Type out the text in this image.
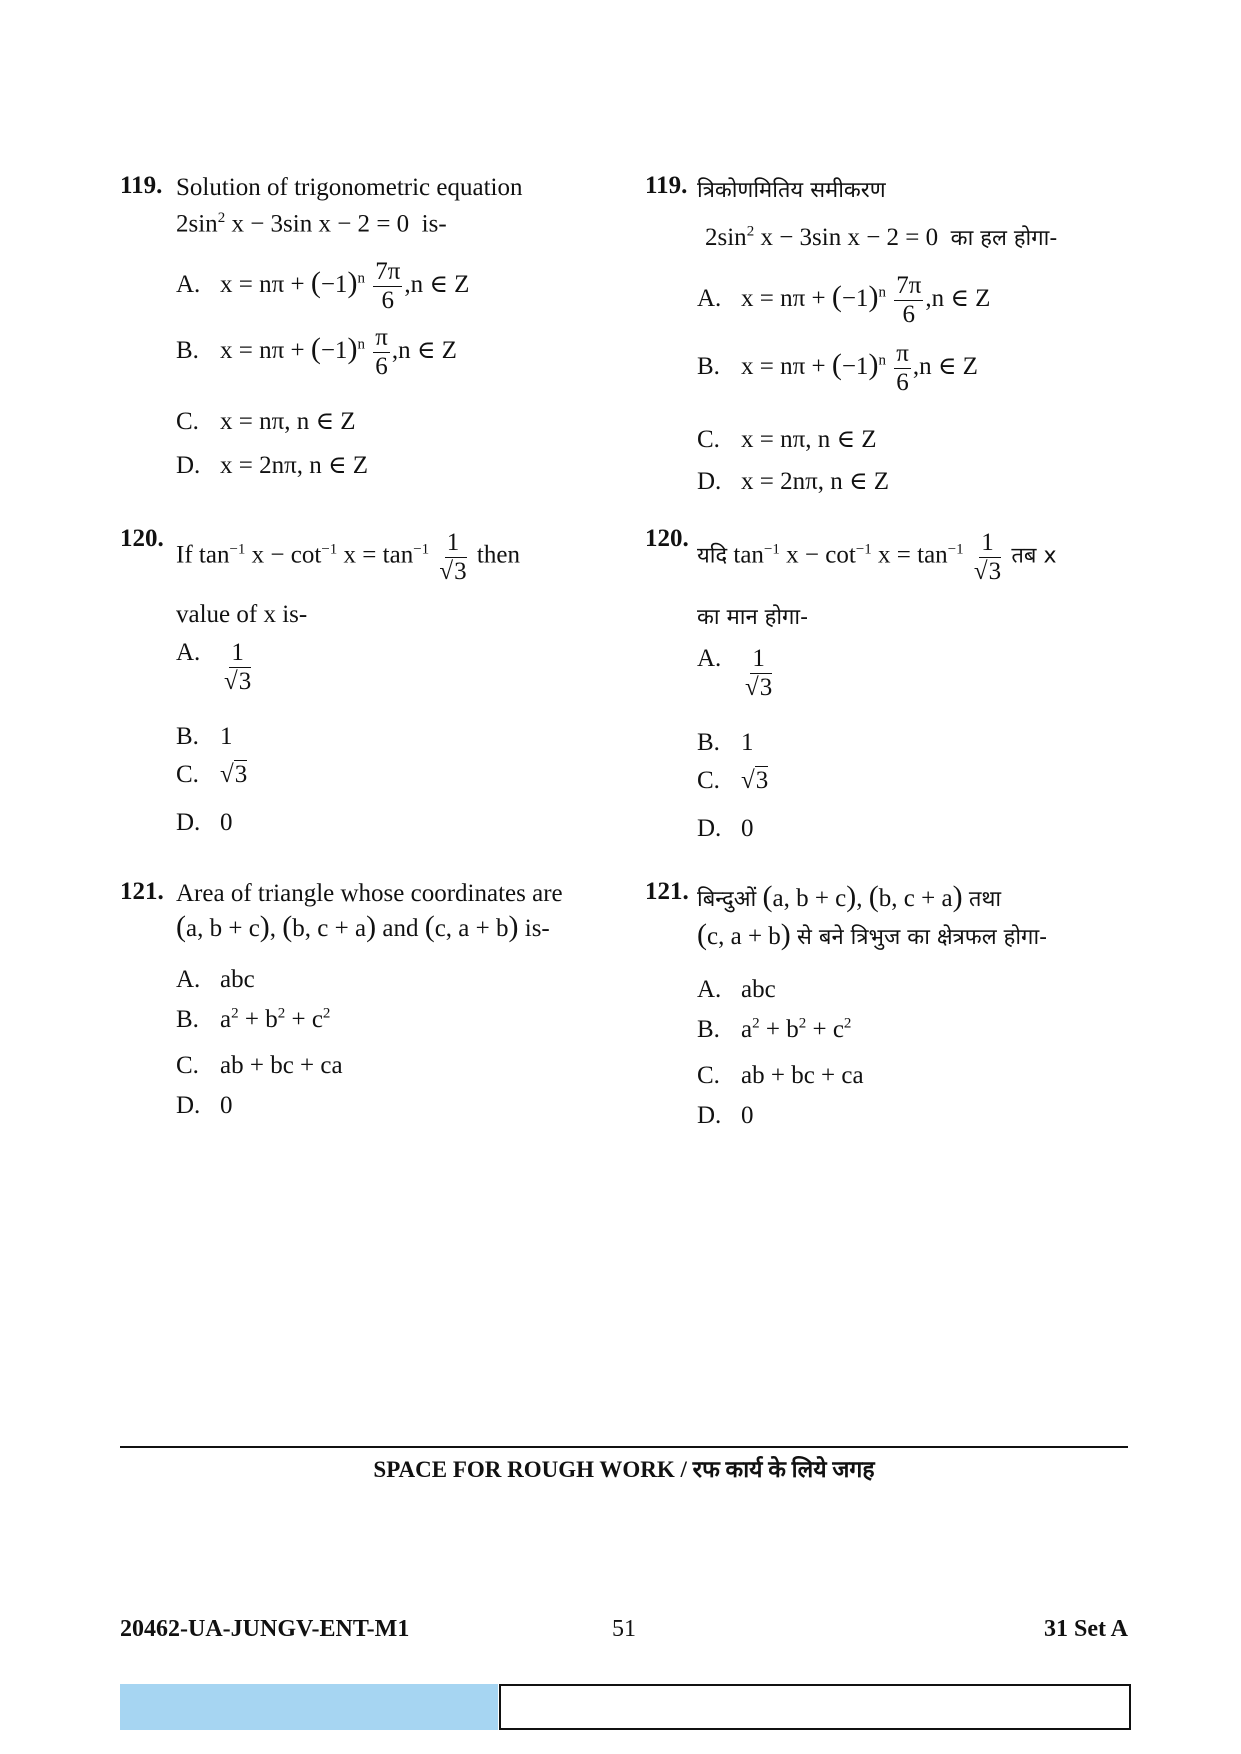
119. Solution of trigonometric equation
$2\sin^2$ x − 3sin x − 2 = 0 is-
A. $x = n\pi + (-1)^n \frac{7\pi}{6} ,n$ ∈ Z
B. $x = n\pi + (-1)^n \frac{\pi}{6} ,n$ ∈ Z
C. x = nπ, n ∈ Z
D. x = 2nπ, n ∈ Z
120.
If $\tan^{-1} x - \cot^{-1} x = \tan^{-1} \frac{1}{√3}$ then
value of x is-
A. $\frac{1}{√3}$
B. 1
C. √3
D. 0
121. Area of triangle whose coordinates are
(a, b + c), (b, c + a) and (c, a + b) is-
A. abc
B. $a^2 + b^2 + c^2$
C. ab + bc + ca
D. 0
119. त्रिकोणमितिय समीकरण
$2\sin^2$ x − 3sin x − 2 = 0  का हल होगा-
A. $x = n\pi + (-1)^n \frac{7\pi}{6} ,n$ ∈ Z
B. $x = n\pi + (-1)^n \frac{\pi}{6} ,n$ ∈ Z
C. x = nπ, n ∈ Z
D. x = 2nπ, n ∈ Z
120.
यदि $\tan^{-1} x - \cot^{-1} x = \tan^{-1} \frac{1}{√3}$ तब x
का मान होगा-
A. $\frac{1}{√3}$
B. 1
C. √3
D. 0
121. बिन्दुओं (a, b + c), (b, c + a) तथा
(c, a + b) से बने त्रिभुज का क्षेत्रफल होगा-
A. abc
B. $a^2 + b^2 + c^2$
C. ab + bc + ca
D. 0
SPACE FOR ROUGH WORK / रफ कार्य के लिये जगह
20462-UA-JUNGV-ENT-M1	51	31 Set A
